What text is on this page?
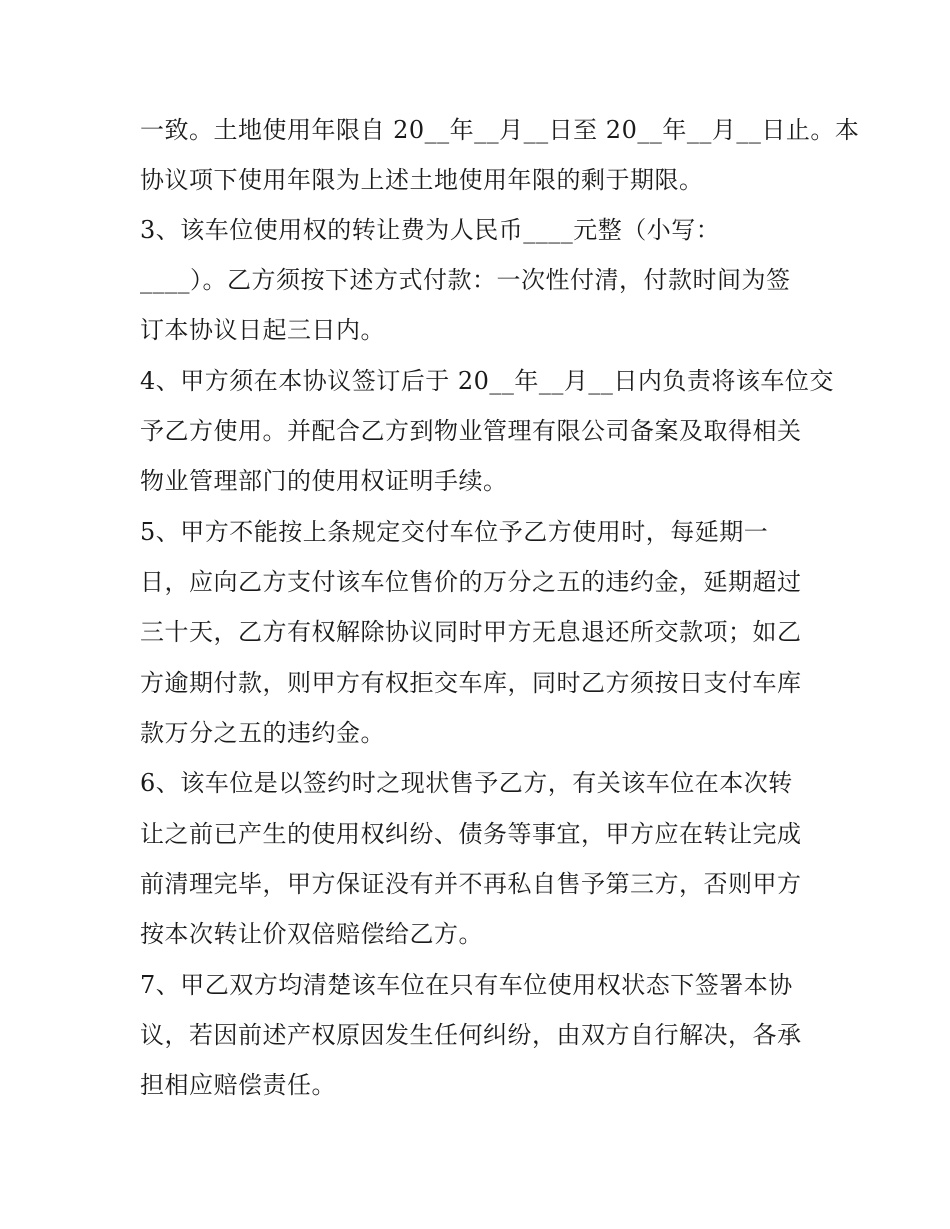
一致。土地使用年限自 20__年__月__日至 20__年__月__日止。本
协议项下使用年限为上述土地使用年限的剩于期限。
3、该车位使用权的转让费为人民币____元整（小写：
____）。乙方须按下述方式付款：一次性付清，付款时间为签
订本协议日起三日内。
4、甲方须在本协议签订后于 20__年__月__日内负责将该车位交
予乙方使用。并配合乙方到物业管理有限公司备案及取得相关
物业管理部门的使用权证明手续。
5、甲方不能按上条规定交付车位予乙方使用时，每延期一
日，应向乙方支付该车位售价的万分之五的违约金，延期超过
三十天，乙方有权解除协议同时甲方无息退还所交款项；如乙
方逾期付款，则甲方有权拒交车库，同时乙方须按日支付车库
款万分之五的违约金。
6、该车位是以签约时之现状售予乙方，有关该车位在本次转
让之前已产生的使用权纠纷、债务等事宜，甲方应在转让完成
前清理完毕，甲方保证没有并不再私自售予第三方，否则甲方
按本次转让价双倍赔偿给乙方。
7、甲乙双方均清楚该车位在只有车位使用权状态下签署本协
议，若因前述产权原因发生任何纠纷，由双方自行解决，各承
担相应赔偿责任。
